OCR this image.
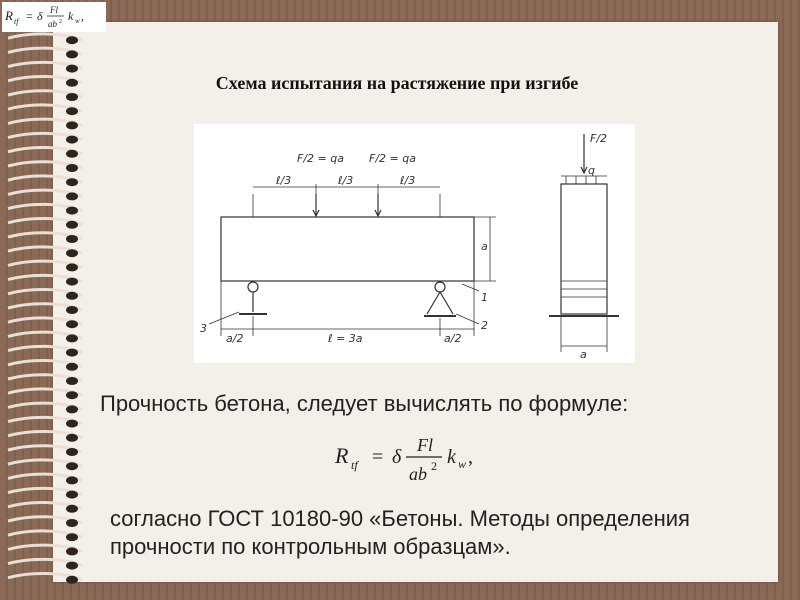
R tf = δ Fl
ab 2 k w ,
Схема испытания на растяжение при изгибе
F/2 = qa F/2 = qa
ℓ/3	ℓ/3	ℓ/3
a
a/2	a/2
ℓ = 3a
1
2
3
F/2
q
a
Прочность бетона, следует вычислять по формуле:
R tf = δ
Fl
ab 2 k w ,
согласно ГОСТ 10180-90 «Бетоны. Методы определения прочности по контрольным образцам».
